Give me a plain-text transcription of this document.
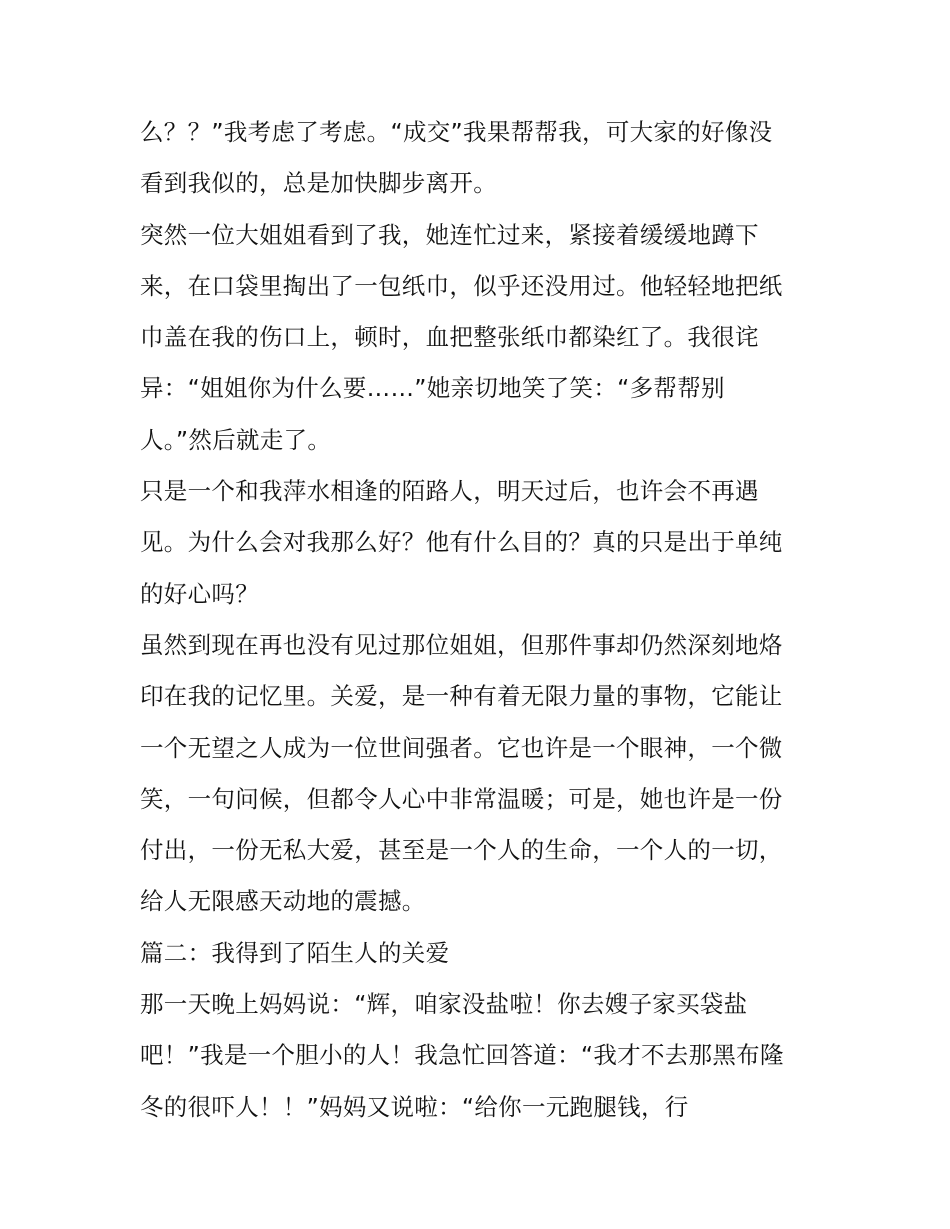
么？？”我考虑了考虑。“成交”我果帮帮我，可大家的好像没
看到我似的，总是加快脚步离开。
突然一位大姐姐看到了我，她连忙过来，紧接着缓缓地蹲下
来，在口袋里掏出了一包纸巾，似乎还没用过。他轻轻地把纸
巾盖在我的伤口上，顿时，血把整张纸巾都染红了。我很诧
异：“姐姐你为什么要……”她亲切地笑了笑：“多帮帮别
人。”然后就走了。
只是一个和我萍水相逢的陌路人，明天过后，也许会不再遇
见。为什么会对我那么好？他有什么目的？真的只是出于单纯
的好心吗？
虽然到现在再也没有见过那位姐姐，但那件事却仍然深刻地烙
印在我的记忆里。关爱，是一种有着无限力量的事物，它能让
一个无望之人成为一位世间强者。它也许是一个眼神，一个微
笑，一句问候，但都令人心中非常温暖；可是，她也许是一份
付出，一份无私大爱，甚至是一个人的生命，一个人的一切，
给人无限感天动地的震撼。
篇二：我得到了陌生人的关爱
那一天晚上妈妈说：“辉，咱家没盐啦！你去嫂子家买袋盐
吧！”我是一个胆小的人！我急忙回答道：“我才不去那黑布隆
冬的很吓人！！”妈妈又说啦：“给你一元跑腿钱，行
